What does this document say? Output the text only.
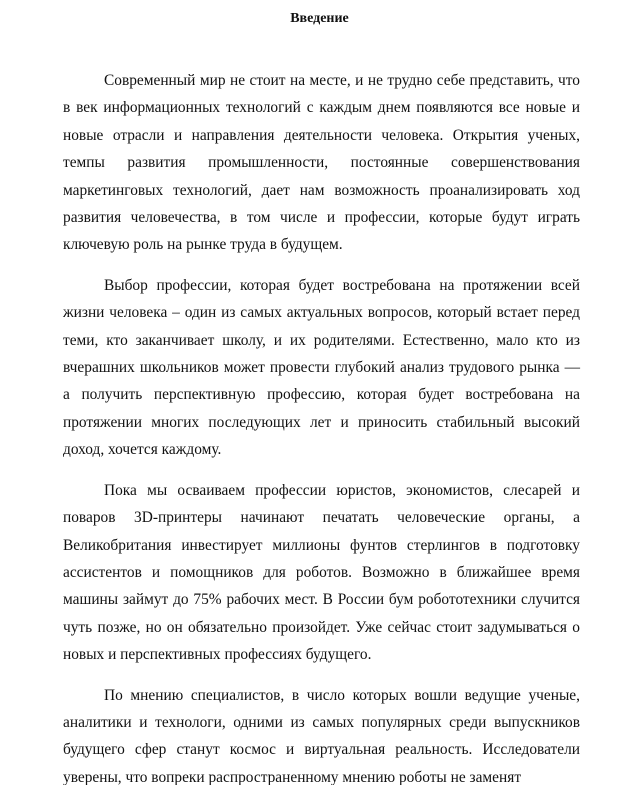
Введение

Современный мир не стоит на месте, и не трудно себе представить, что в век информационных технологий с каждым днем появляются все новые и новые отрасли и направления деятельности человека. Открытия ученых, темпы развития промышленности, постоянные совершенствования маркетинговых технологий, дает нам возможность проанализировать ход развития человечества, в том числе и профессии, которые будут играть ключевую роль на рынке труда в будущем.

Выбор профессии, которая будет востребована на протяжении всей жизни человека – один из самых актуальных вопросов, который встает перед теми, кто заканчивает школу, и их родителями. Естественно, мало кто из вчерашних школьников может провести глубокий анализ трудового рынка — а получить перспективную профессию, которая будет востребована на протяжении многих последующих лет и приносить стабильный высокий доход, хочется каждому.

Пока мы осваиваем профессии юристов, экономистов, слесарей и поваров 3D-принтеры начинают печатать человеческие органы, а Великобритания инвестирует миллионы фунтов стерлингов в подготовку ассистентов и помощников для роботов. Возможно в ближайшее время машины займут до 75% рабочих мест. В России бум робототехники случится чуть позже, но он обязательно произойдет. Уже сейчас стоит задумываться о новых и перспективных профессиях будущего.

По мнению специалистов, в число которых вошли ведущие ученые, аналитики и технологи, одними из самых популярных среди выпускников будущего сфер станут космос и виртуальная реальность. Исследователи уверены, что вопреки распространенному мнению роботы не заменят
